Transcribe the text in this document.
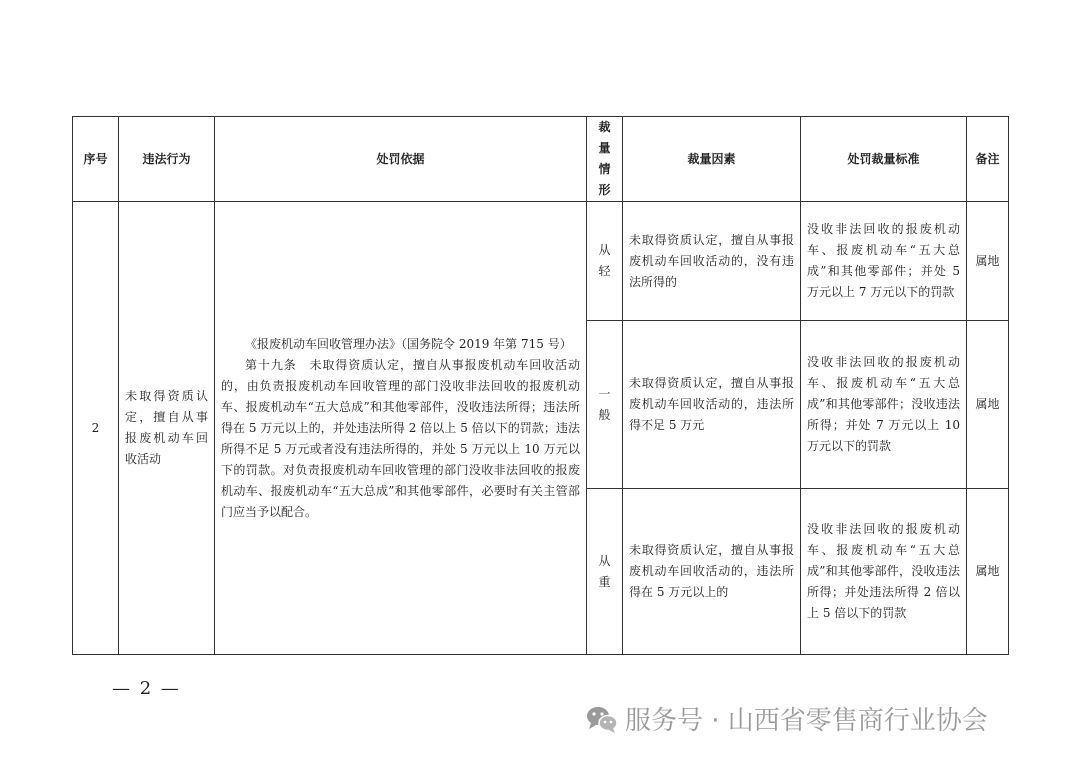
序号	违法行为	处罚依据	裁量情形	裁量因素	处罚裁量标准	备注
2	未取得资质认定，擅自从事报废机动车回收活动	《报废机动车回收管理办法》（国务院令 2019 年第 715 号）

第十九条　未取得资质认定，擅自从事报废机动车回收活动的，由负责报废机动车回收管理的部门没收非法回收的报废机动车、报废机动车“五大总成”和其他零部件，没收违法所得；违法所得在 5 万元以上的，并处违法所得 2 倍以上 5 倍以下的罚款；违法所得不足 5 万元或者没有违法所得的，并处 5 万元以上 10 万元以下的罚款。对负责报废机动车回收管理的部门没收非法回收的报废机动车、报废机动车“五大总成”和其他零部件，必要时有关主管部门应当予以配合。	从轻	未取得资质认定，擅自从事报废机动车回收活动的，没有违法所得的	没收非法回收的报废机动车、报废机动车“五大总成”和其他零部件；并处 5 万元以上 7 万元以下的罚款	属地
			一般	未取得资质认定，擅自从事报废机动车回收活动的，违法所得不足 5 万元	没收非法回收的报废机动车、报废机动车“五大总成”和其他零部件；没收违法所得；并处 7 万元以上 10 万元以下的罚款	属地
			从重	未取得资质认定，擅自从事报废机动车回收活动的，违法所得在 5 万元以上的	没收非法回收的报废机动车、报废机动车“五大总成”和其他零部件，没收违法所得；并处违法所得 2 倍以上 5 倍以下的罚款	属地
— 2 —
服务号 · 山西省零售商行业协会
